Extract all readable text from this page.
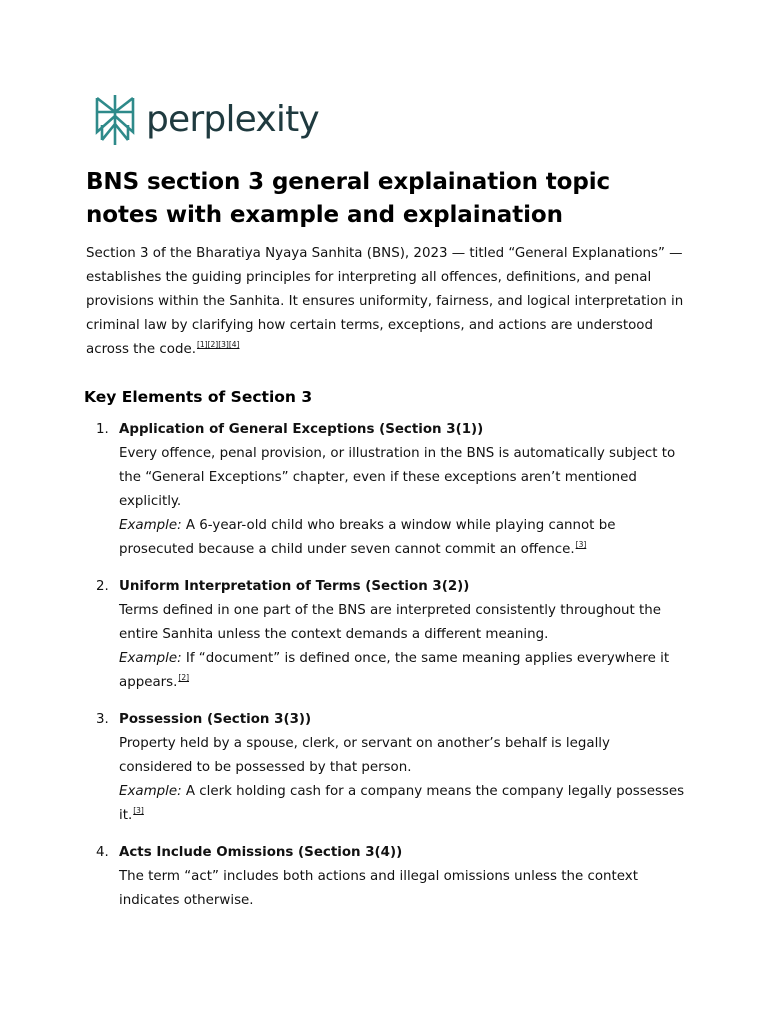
perplexity
BNS section 3 general explaination topic notes with example and explaination

Section 3 of the Bharatiya Nyaya Sanhita (BNS), 2023 — titled “General Explanations” — establishes the guiding principles for interpreting all offences, definitions, and penal provisions within the Sanhita. It ensures uniformity, fairness, and logical interpretation in criminal law by clarifying how certain terms, exceptions, and actions are understood across the code.[1][2][3][4]

Key Elements of Section 3
1. Application of General Exceptions (Section 3(1))
Every offence, penal provision, or illustration in the BNS is automatically subject to the “General Exceptions” chapter, even if these exceptions aren’t mentioned explicitly.
Example: A 6-year-old child who breaks a window while playing cannot be prosecuted because a child under seven cannot commit an offence.[3]
2. Uniform Interpretation of Terms (Section 3(2))
Terms defined in one part of the BNS are interpreted consistently throughout the entire Sanhita unless the context demands a different meaning.
Example: If “document” is defined once, the same meaning applies everywhere it appears.[2]
3. Possession (Section 3(3))
Property held by a spouse, clerk, or servant on another’s behalf is legally considered to be possessed by that person.
Example: A clerk holding cash for a company means the company legally possesses it.[3]
4. Acts Include Omissions (Section 3(4))
The term “act” includes both actions and illegal omissions unless the context indicates otherwise.
